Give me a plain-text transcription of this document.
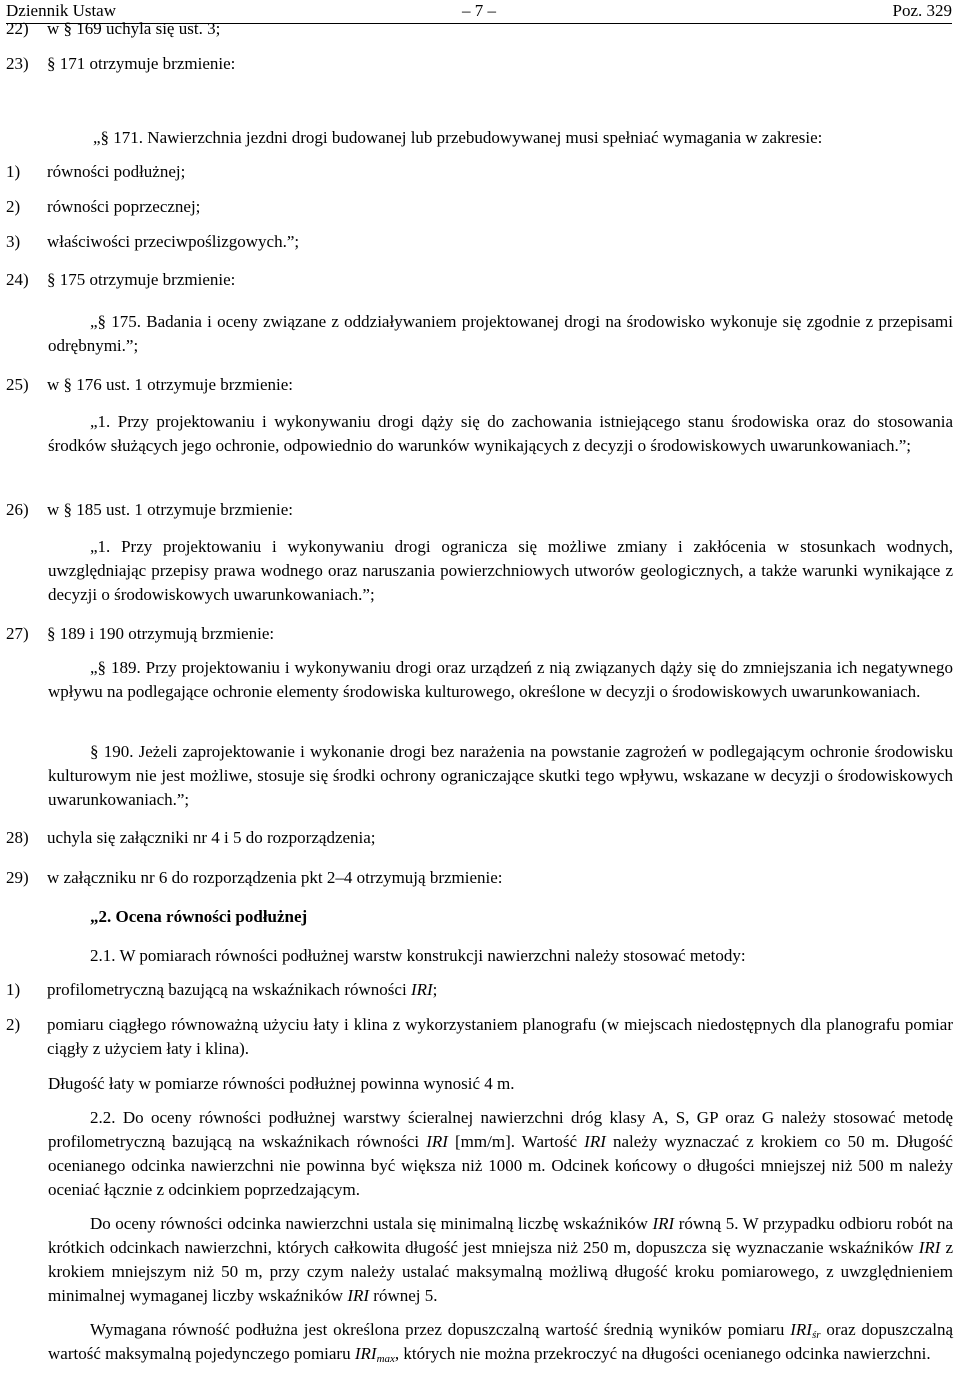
Dziennik Ustaw	– 7 –	Poz. 329
22) w § 169 uchyla się ust. 3;
23) § 171 otrzymuje brzmienie:
„§ 171. Nawierzchnia jezdni drogi budowanej lub przebudowywanej musi spełniać wymagania w zakresie:
1) równości podłużnej;
2) równości poprzecznej;
3) właściwości przeciwpoślizgowych.”;
24) § 175 otrzymuje brzmienie:
„§ 175. Badania i oceny związane z oddziaływaniem projektowanej drogi na środowisko wykonuje się zgodnie z przepisami odrębnymi.”;
25) w § 176 ust. 1 otrzymuje brzmienie:
„1. Przy projektowaniu i wykonywaniu drogi dąży się do zachowania istniejącego stanu środowiska oraz do stosowania środków służących jego ochronie, odpowiednio do warunków wynikających z decyzji o środowiskowych uwarunkowaniach.”;
26) w § 185 ust. 1 otrzymuje brzmienie:
„1. Przy projektowaniu i wykonywaniu drogi ogranicza się możliwe zmiany i zakłócenia w stosunkach wodnych, uwzględniając przepisy prawa wodnego oraz naruszania powierzchniowych utworów geologicznych, a także warunki wynikające z decyzji o środowiskowych uwarunkowaniach.”;
27) § 189 i 190 otrzymują brzmienie:
„§ 189. Przy projektowaniu i wykonywaniu drogi oraz urządzeń z nią związanych dąży się do zmniejszania ich negatywnego wpływu na podlegające ochronie elementy środowiska kulturowego, określone w decyzji o środowiskowych uwarunkowaniach.
§ 190. Jeżeli zaprojektowanie i wykonanie drogi bez narażenia na powstanie zagrożeń w podlegającym ochronie środowisku kulturowym nie jest możliwe, stosuje się środki ochrony ograniczające skutki tego wpływu, wskazane w decyzji o środowiskowych uwarunkowaniach.”;
28) uchyla się załączniki nr 4 i 5 do rozporządzenia;
29) w załączniku nr 6 do rozporządzenia pkt 2–4 otrzymują brzmienie:
„2. Ocena równości podłużnej
2.1. W pomiarach równości podłużnej warstw konstrukcji nawierzchni należy stosować metody:
1) profilometryczną bazującą na wskaźnikach równości IRI;
2) pomiaru ciągłego równoważną użyciu łaty i klina z wykorzystaniem planografu (w miejscach niedostępnych dla planografu pomiar ciągły z użyciem łaty i klina).
Długość łaty w pomiarze równości podłużnej powinna wynosić 4 m.
2.2. Do oceny równości podłużnej warstwy ścieralnej nawierzchni dróg klasy A, S, GP oraz G należy stosować metodę profilometryczną bazującą na wskaźnikach równości IRI [mm/m]. Wartość IRI należy wyznaczać z krokiem co 50 m. Długość ocenianego odcinka nawierzchni nie powinna być większa niż 1000 m. Odcinek końcowy o długości mniejszej niż 500 m należy oceniać łącznie z odcinkiem poprzedzającym.
Do oceny równości odcinka nawierzchni ustala się minimalną liczbę wskaźników IRI równą 5. W przypadku odbioru robót na krótkich odcinkach nawierzchni, których całkowita długość jest mniejsza niż 250 m, dopuszcza się wyznaczanie wskaźników IRI z krokiem mniejszym niż 50 m, przy czym należy ustalać maksymalną możliwą długość kroku pomiarowego, z uwzględnieniem minimalnej wymaganej liczby wskaźników IRI równej 5.
Wymagana równość podłużna jest określona przez dopuszczalną wartość średnią wyników pomiaru $IRI_{śr}$ oraz dopuszczalną wartość maksymalną pojedynczego pomiaru $IRI_{max}$, których nie można przekroczyć na długości ocenianego odcinka nawierzchni.
